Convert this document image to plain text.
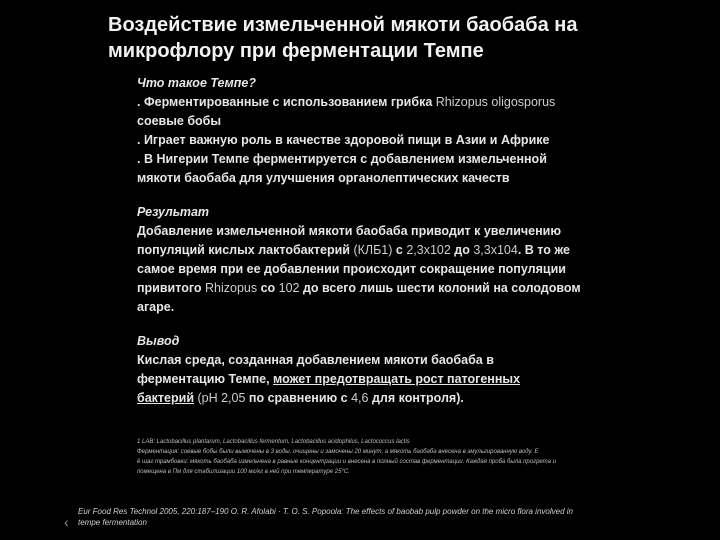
Воздействие измельченной мякоти баобаба на
микрофлору при ферментации Темпе
Что такое Темпе?
. Ферментированные с использованием грибка Rhizopus oligosporus
соевые бобы
. Играет важную роль в качестве здоровой пищи в Азии и Африке
. В Нигерии Темпе ферментируется с добавлением измельченной
мякоти баобаба для улучшения органолептических качеств
Результат
Добавление измельченной мякоти баобаба приводит к увеличению
популяций кислых лактобактерий (КЛБ1) с 2,3x102 до 3,3x104. В то же
самое время при ее добавлении происходит сокращение популяции
привитого Rhizopus со 102 до всего лишь шести колоний на солодовом
агаре.
Вывод
Кислая среда, созданная добавлением мякоти баобаба в
ферментацию Темпе, может предотвращать рост патогенных
бактерий (pH 2,05 по сравнению с 4,6 для контроля).
1 LAB: Lactobacillus plantarum, Lactobacillus fermentum, Lactobacillus acidophilus, Lactococcus lactis
Ферментация: соевые бобы были вымочены в 3 воды, очищены и замочены 20 минут, а мякоть баобаба внесена в эмульгированную воду. Е
ё шаг трамбовки: мякоть баобаба измельчена в равные концентрации и внесена в полный состав ферментации. Каждая проба была прогрета и
помещена в Пм для стабилизации 100 мг/кг в ней при температуре 25°C.
‹
Eur Food Res Technol 2005, 220:187–190 O. R. Afolabi · T. O. S. Popoola: The effects of baobab pulp powder on the micro flora involved in
tempe fermentation
